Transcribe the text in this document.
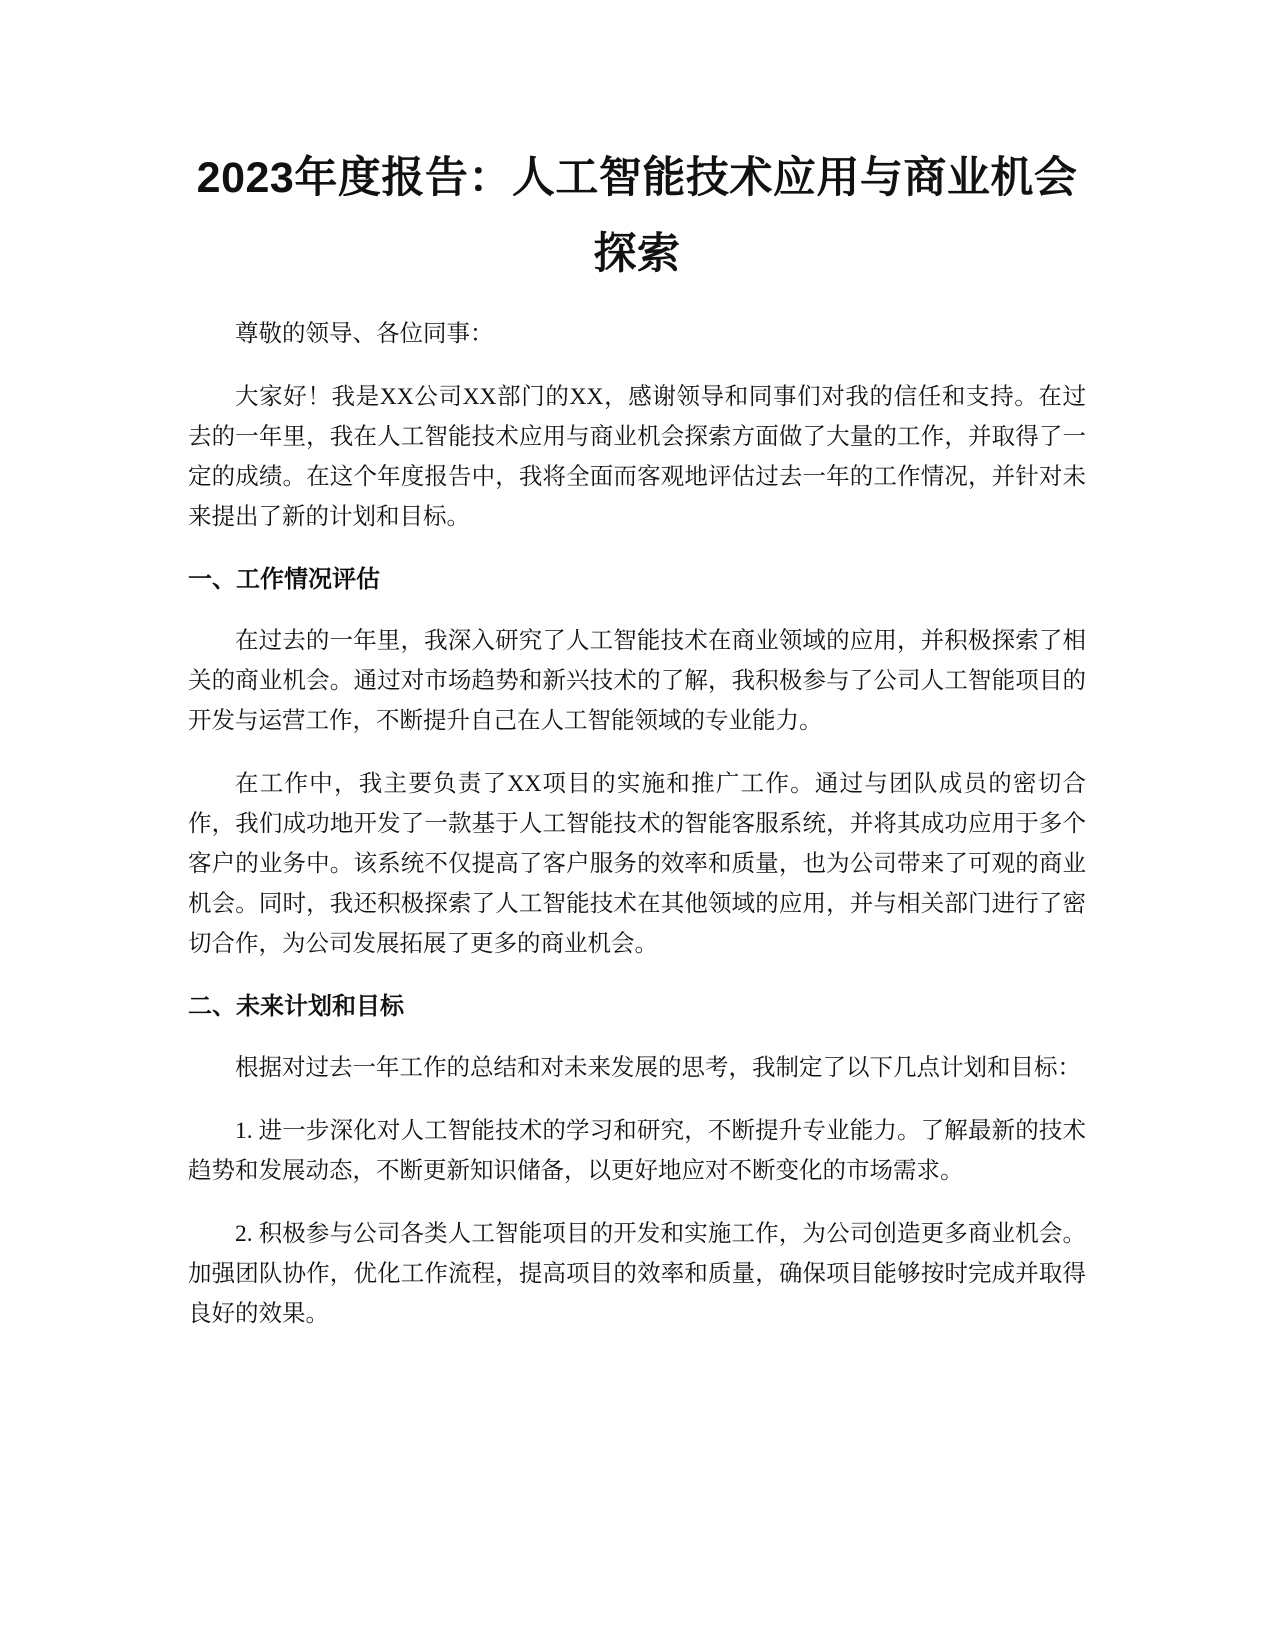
2023年度报告：人工智能技术应用与商业机会探索

尊敬的领导、各位同事：

大家好！我是XX公司XX部门的XX，感谢领导和同事们对我的信任和支持。在过去的一年里，我在人工智能技术应用与商业机会探索方面做了大量的工作，并取得了一定的成绩。在这个年度报告中，我将全面而客观地评估过去一年的工作情况，并针对未来提出了新的计划和目标。

一、工作情况评估

在过去的一年里，我深入研究了人工智能技术在商业领域的应用，并积极探索了相关的商业机会。通过对市场趋势和新兴技术的了解，我积极参与了公司人工智能项目的开发与运营工作，不断提升自己在人工智能领域的专业能力。

在工作中，我主要负责了XX项目的实施和推广工作。通过与团队成员的密切合作，我们成功地开发了一款基于人工智能技术的智能客服系统，并将其成功应用于多个客户的业务中。该系统不仅提高了客户服务的效率和质量，也为公司带来了可观的商业机会。同时，我还积极探索了人工智能技术在其他领域的应用，并与相关部门进行了密切合作，为公司发展拓展了更多的商业机会。

二、未来计划和目标

根据对过去一年工作的总结和对未来发展的思考，我制定了以下几点计划和目标：

1. 进一步深化对人工智能技术的学习和研究，不断提升专业能力。了解最新的技术趋势和发展动态，不断更新知识储备，以更好地应对不断变化的市场需求。

2. 积极参与公司各类人工智能项目的开发和实施工作，为公司创造更多商业机会。加强团队协作，优化工作流程，提高项目的效率和质量，确保项目能够按时完成并取得良好的效果。
